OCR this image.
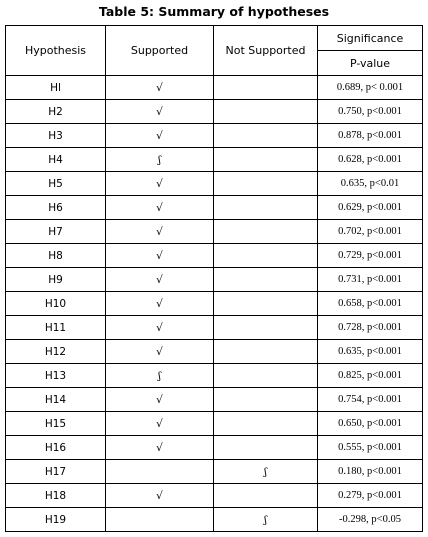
Table 5: Summary of hypotheses
Hypothesis	Supported	Not Supported	Significance
			P-value
Hl	√		0.689, p< 0.001
H2	√		0.750, p<0.001
H3	√		0.878, p<0.001
H4	ʃ		0.628, p<0.001
H5	√		0.635, p<0.01
H6	√		0.629, p<0.001
H7	√		0.702, p<0.001
H8	√		0.729, p<0.001
H9	√		0.731, p<0.001
H10	√		0.658, p<0.001
H11	√		0.728, p<0.001
H12	√		0.635, p<0.001
H13	ʃ		0.825, p<0.001
H14	√		0.754, p<0.001
H15	√		0.650, p<0.001
H16	√		0.555, p<0.001
H17		ʃ	0.180, p<0.001
H18	√		0.279, p<0.001
H19		ʃ	-0.298, p<0.05
